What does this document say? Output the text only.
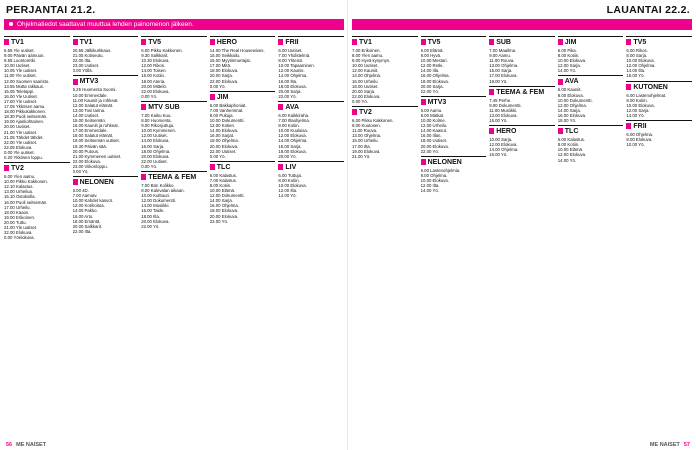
PERJANTAI 21.2.
Ohjelmatiedot saattavat muuttua lehden painomenon jälkeen.
TV1
6.55 Yle uutiset.
9.00 Päivän aamuun.
9.55 Luontoretki.
10.00 Uutiset.
10.05 Yle uutiset.
11.00 Yle uutiset.
12.00 Suomen saaristo.
13.55 Mutta rakkaus.
15.05 Teletappi.
16.00 Yle Uutiset.
17.00 Yle uutiset.
17.05 Ykkösen aamu.
18.00 Pikkukakkonen.
18.30 Puoli seitsemän.
19.00 Ajankohtainen.
20.00 Uutiset.
21.00 Yle uutiset.
21.05 Tähdet tähdet.
22.00 Yle uutiset.
22.05 Elokuva.
0.00 Yle uutiset.
0.20 Ykkösen loppu.
TV2
6.00 Ylen aamu.
10.00 Pikku Kakkonen.
12.10 Kalastus.
13.00 Urheilua.
15.10 Ostoksilla.
16.00 Puoli seitsemän.
17.00 Urheilu.
18.00 Kaaos.
19.00 Erikoinen.
20.00 Tuttu.
21.00 Yle uutiset.
22.00 Elokuva.
0.00 Yöelokuva.
TV1
20.55 Jälkikurkkaus.
21.05 Kotiseutu.
22.00 Ilta.
23.00 Uutiset.
0.00 Yöllä.
MTV3
6.25 Huomenta Suomi.
10.00 Emmerdale.
11.00 Kauniit ja rohkeat.
12.00 Salatut elämät.
13.00 Tosi tarina.
14.00 Uutiset.
15.00 Seitsemän.
16.00 Kauniit ja rohkeat.
17.00 Emmerdale.
18.00 Salatut elämät.
19.00 Seitsemän uutiset.
19.30 Päivän sää.
20.00 Putous.
21.00 Kymmenen uutiset.
22.00 Elokuva.
23.00 Viikonloppu.
0.00 Yö.
NELONEN
6.00 4D.
7.00 Aamutv.
10.00 Kahdet kasvot.
12.00 Kotihoitoa.
14.00 Pakko.
16.00 Arto.
18.00 Emäntä.
20.00 Salkkarit.
22.00 Ilta.
TV5
6.00 Pikku Kakkonen.
9.30 Salkkarit.
10.30 Elokuva.
12.00 Rikos.
14.00 Toisen.
16.00 Kotiin.
18.00 Ateria.
20.00 Mittelö.
22.00 Elokuva.
0.00 Yö.
MTV SUB
7.00 Kaiku Kuu.
8.00 Huomenta.
9.00 Rikosjuttuja.
10.00 Kymmenen.
12.00 Uutiset.
14.00 Elokuva.
16.00 Sarja.
18.00 Ohjelma.
20.00 Elokuva.
22.00 Uutiset.
0.00 Yö.
TEEMA & FEM
7.00 Bün Kolikko.
8.00 Kalevalan aikaan.
10.00 Kulttuuri.
12.00 Dokumentti.
14.00 Musiikki.
16.00 Taide.
18.00 Ilta.
20.00 Elokuva.
22.00 Yö.
HERO
14.00 The Real Housewives.
15.00 Seikkailu.
16.00 Myytinmurtajat.
17.00 Mitä.
18.00 Elokuva.
20.00 Sarja.
22.00 Elokuva.
0.00 Yö.
JIM
6.00 Bakkaphoniat.
7.00 Vanhemmat.
8.00 Pukuja.
10.00 Dokumentti.
12.00 Kotien.
14.00 Elokuva.
16.00 Sarjat.
18.00 Ohjelma.
20.00 Elokuva.
22.00 Uutiset.
0.00 Yö.
TLC
6.00 Kalastus.
7.00 Kalastus.
8.00 Kotiin.
10.00 Elämä.
12.00 Dokumentti.
14.00 Sarja.
16.00 Ohjelma.
18.00 Elokuva.
20.00 Elokuva.
22.00 Yö.
FRII
6.00 Uutiset.
7.00 Yhdistelmä.
8.00 Yhteisö.
10.00 Tapaaminen.
12.00 Kaunis.
14.00 Ohjelma.
16.00 Ilta.
18.00 Elokuva.
20.00 Sarja.
22.00 Yö.
AVA
6.00 Kaikkiraha.
7.00 Iltaohjelma.
8.00 Kotiin.
10.00 Kuuluisa.
12.00 Elokuva.
14.00 Ohjelma.
16.00 Sarja.
18.00 Elokuva.
20.00 Yö.
LIV
6.00 Tuttuja.
8.00 Kotiin.
10.00 Elokuva.
12.00 Ilta.
14.00 Yö.
56 ME NAISET
LAUANTAI 22.2.
TV1
7.00 Erikoinen.
8.00 Ylen aamu.
9.00 Hyvä kysymys.
10.00 Uutiset.
12.00 Kauniit.
14.00 Ohjelma.
16.00 Urheilu.
18.00 Uutiset.
20.00 Sarja.
22.00 Elokuva.
0.00 Yö.
TV2
6.00 Pikku Kakkonen.
9.00 Kuutosen.
11.00 Rouva.
13.00 Ohjelma.
15.00 Urheilu.
17.00 Ilta.
19.00 Elokuva.
21.00 Yö.
TV5
6.00 Elämä.
8.00 Hyvä.
10.00 Mestari.
12.00 Retki.
14.00 Illa.
16.00 Ohjelma.
18.00 Elokuva.
20.00 Sarja.
22.00 Yö.
MTV3
6.00 Aamu.
8.00 Matkat.
10.00 Kolme.
12.00 Urheilu.
14.00 Kaasut.
16.00 Illan.
18.00 Uutiset.
20.00 Elokuva.
22.00 Yö.
NELONEN
6.00 Lastenohjelmia.
8.00 Ohjelma.
10.00 Elokuva.
12.00 Ilta.
14.00 Yö.
SUB
7.00 Maailma.
9.00 Aamu.
11.00 Rouva.
13.00 Ohjelma.
15.00 Sarja.
17.00 Elokuva.
19.00 Yö.
TEEMA & FEM
7.45 Perhe.
9.00 Dokumentti.
11.00 Musiikki.
13.00 Elokuva.
15.00 Yö.
HERO
10.00 Sarja.
12.00 Elokuva.
14.00 Ohjelma.
16.00 Yö.
JIM
6.00 Pika.
8.00 Kotiin.
10.00 Elokuva.
12.00 Sarja.
14.00 Yö.
AVA
6.00 Kauniit.
8.00 Elokuva.
10.00 Dokumentti.
12.00 Ohjelma.
14.00 Sarja.
16.00 Elokuva.
18.00 Yö.
TLC
6.00 Kalastus.
8.00 Kotiin.
10.00 Elämä.
12.00 Elokuva.
14.00 Yö.
TV5
6.00 Rikos.
8.00 Sarja.
10.00 Elokuva.
12.00 Ohjelma.
14.00 Ilta.
16.00 Yö.
KUTONEN
6.00 Lastenohjelmat.
8.00 Kotiin.
10.00 Elokuva.
12.00 Sarja.
14.00 Yö.
FRII
6.00 Ohjelma.
8.00 Elokuva.
10.00 Yö.
ME NAISET 57
